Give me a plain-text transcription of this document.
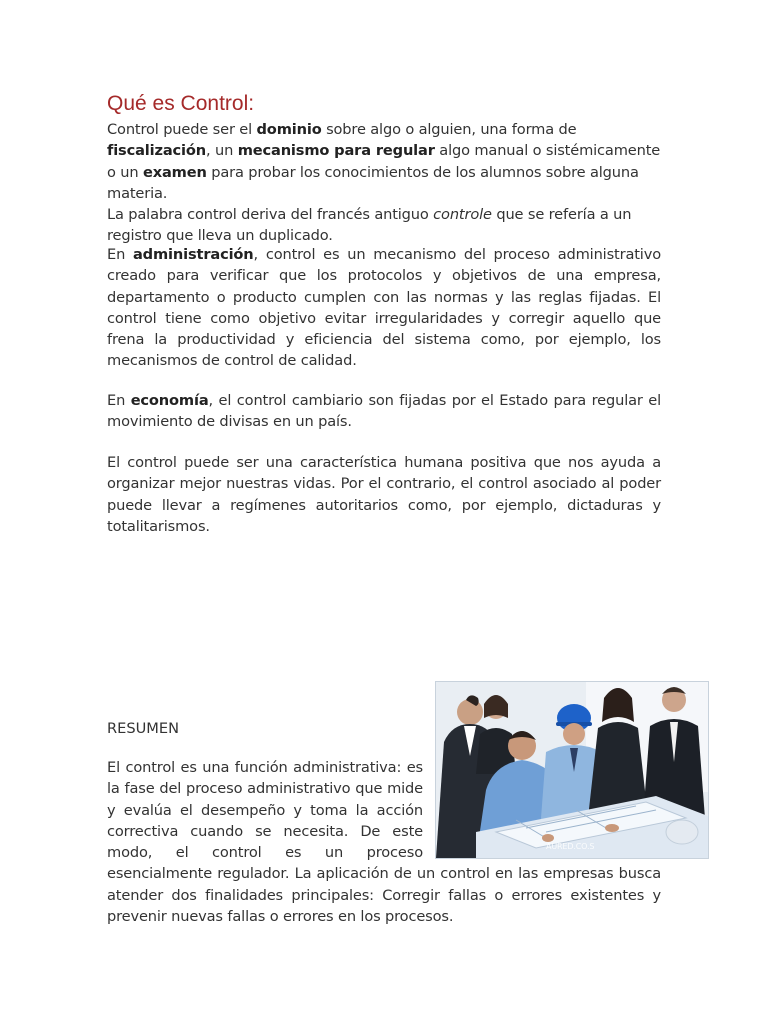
Qué es Control:

Control puede ser el dominio sobre algo o alguien, una forma de fiscalización, un mecanismo para regular algo manual o sistémicamente o un examen para probar los conocimientos de los alumnos sobre alguna materia.

La palabra control deriva del francés antiguo controle que se refería a un registro que lleva un duplicado.

En administración, control es un mecanismo del proceso administrativo creado para verificar que los protocolos y objetivos de una empresa, departamento o producto cumplen con las normas y las reglas fijadas. El control tiene como objetivo evitar irregularidades y corregir aquello que frena la productividad y eficiencia del sistema como, por ejemplo, los mecanismos de control de calidad.

En economía, el control cambiario son fijadas por el Estado para regular el movimiento de divisas en un país.

El control puede ser una característica humana positiva que nos ayuda a organizar mejor nuestras vidas. Por el contrario, el control asociado al poder puede llevar a regímenes autoritarios como, por ejemplo, dictaduras y totalitarismos.

RESUMEN
AURED.CO.S
El control es una función administrativa: es la fase del proceso administrativo que mide y evalúa el desempeño y toma la acción correctiva cuando se necesita. De este modo, el control es un proceso esencialmente regulador. La aplicación de un control en las empresas busca atender dos finalidades principales: Corregir fallas o errores existentes y prevenir nuevas fallas o errores en los procesos.
